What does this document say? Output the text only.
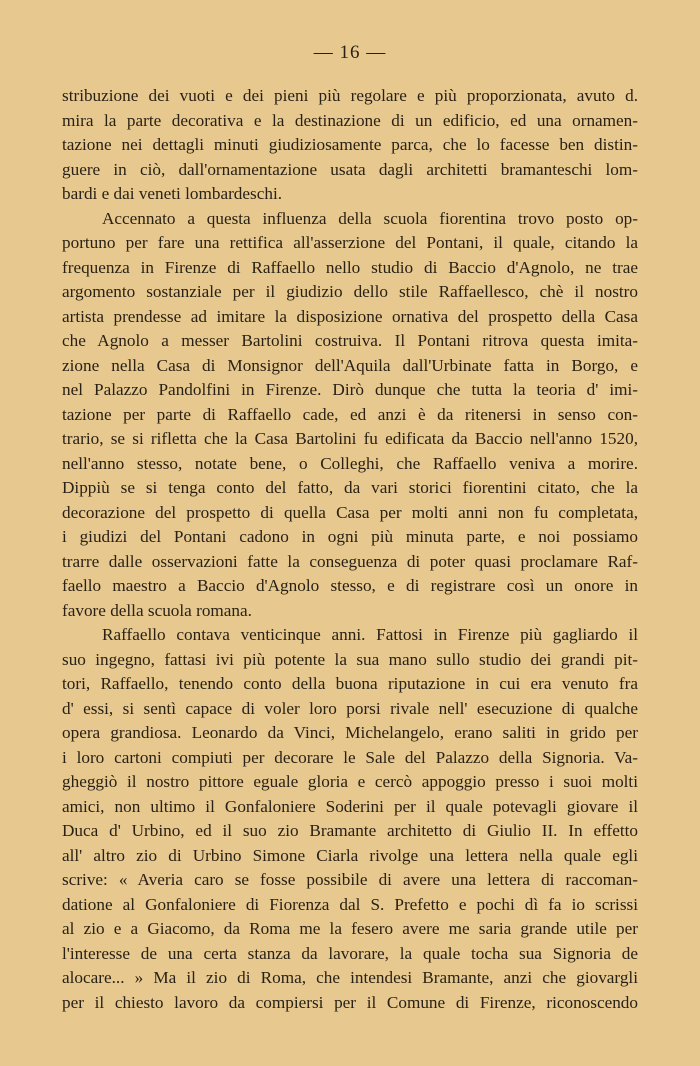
— 16 —
stribuzione dei vuoti e dei pieni più regolare e più proporzionata, avuto d.
mira la parte decorativa e la destinazione di un edificio, ed una ornamen-
tazione nei dettagli minuti giudiziosamente parca, che lo facesse ben distin-
guere in ciò, dall'ornamentazione usata dagli architetti bramanteschi lom-
bardi e dai veneti lombardeschi.
Accennato a questa influenza della scuola fiorentina trovo posto op-
portuno per fare una rettifica all'asserzione del Pontani, il quale, citando la
frequenza in Firenze di Raffaello nello studio di Baccio d'Agnolo, ne trae
argomento sostanziale per il giudizio dello stile Raffaellesco, chè il nostro
artista prendesse ad imitare la disposizione ornativa del prospetto della Casa
che Agnolo a messer Bartolini costruiva. Il Pontani ritrova questa imita-
zione nella Casa di Monsignor dell'Aquila dall'Urbinate fatta in Borgo, e
nel Palazzo Pandolfini in Firenze. Dirò dunque che tutta la teoria d' imi-
tazione per parte di Raffaello cade, ed anzi è da ritenersi in senso con-
trario, se si rifletta che la Casa Bartolini fu edificata da Baccio nell'anno 1520,
nell'anno stesso, notate bene, o Colleghi, che Raffaello veniva a morire.
Dippiù se si tenga conto del fatto, da vari storici fiorentini citato, che la
decorazione del prospetto di quella Casa per molti anni non fu completata,
i giudizi del Pontani cadono in ogni più minuta parte, e noi possiamo
trarre dalle osservazioni fatte la conseguenza di poter quasi proclamare Raf-
faello maestro a Baccio d'Agnolo stesso, e di registrare così un onore in
favore della scuola romana.
Raffaello contava venticinque anni. Fattosi in Firenze più gagliardo il
suo ingegno, fattasi ivi più potente la sua mano sullo studio dei grandi pit-
tori, Raffaello, tenendo conto della buona riputazione in cui era venuto fra
d' essi, si sentì capace di voler loro porsi rivale nell' esecuzione di qualche
opera grandiosa. Leonardo da Vinci, Michelangelo, erano saliti in grido per
i loro cartoni compiuti per decorare le Sale del Palazzo della Signoria. Va-
gheggiò il nostro pittore eguale gloria e cercò appoggio presso i suoi molti
amici, non ultimo il Gonfaloniere Soderini per il quale potevagli giovare il
Duca d' Urbino, ed il suo zio Bramante architetto di Giulio II. In effetto
all' altro zio di Urbino Simone Ciarla rivolge una lettera nella quale egli
scrive: « Averia caro se fosse possibile di avere una lettera di raccoman-
datione al Gonfaloniere di Fiorenza dal S. Prefetto e pochi dì fa io scrissi
al zio e a Giacomo, da Roma me la fesero avere me saria grande utile per
l'interesse de una certa stanza da lavorare, la quale tocha sua Signoria de
alocare... » Ma il zio di Roma, che intendesi Bramante, anzi che giovargli
per il chiesto lavoro da compiersi per il Comune di Firenze, riconoscendo
